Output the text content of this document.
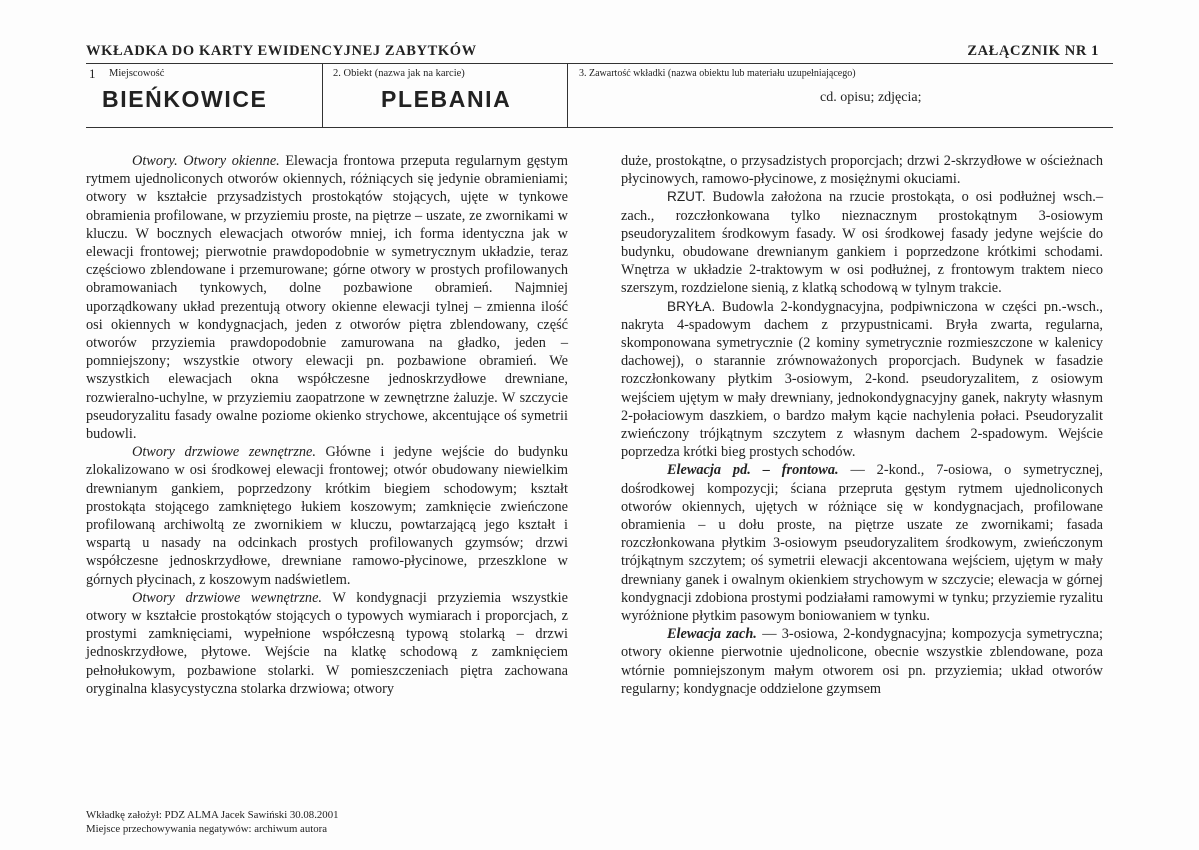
WKŁADKA DO KARTY EWIDENCYJNEJ ZABYTKÓW	ZAŁĄCZNIK NR 1
1 Miejscowość
BIEŃKOWICE
2. Obiekt (nazwa jak na karcie)
PLEBANIA
3. Zawartość wkładki (nazwa obiektu lub materiału uzupełniającego)
cd. opisu; zdjęcia;

Otwory. Otwory okienne. Elewacja frontowa przeputa regularnym gęstym rytmem ujednoliconych otworów okiennych, różniących się jedynie obramieniami; otwory w kształcie przysadzistych prostokątów stojących, ujęte w tynkowe obramienia profilowane, w przyziemiu proste, na piętrze – uszate, ze zwornikami w kluczu. W bocznych elewacjach otworów mniej, ich forma identyczna jak w elewacji frontowej; pierwotnie prawdopodobnie w symetrycznym układzie, teraz częściowo zblendowane i przemurowane; górne otwory w prostych profilowanych obramowaniach tynkowych, dolne pozbawione obramień. Najmniej uporządkowany układ prezentują otwory okienne elewacji tylnej – zmienna ilość osi okiennych w kondygnacjach, jeden z otworów piętra zblendowany, część otworów przyziemia prawdopodobnie zamurowana na gładko, jeden – pomniejszony; wszystkie otwory elewacji pn. pozbawione obramień. We wszystkich elewacjach okna współczesne jednoskrzydłowe drewniane, rozwieralno-uchylne, w przyziemiu zaopatrzone w zewnętrzne żaluzje. W szczycie pseudoryzalitu fasady owalne poziome okienko strychowe, akcentujące oś symetrii budowli.

Otwory drzwiowe zewnętrzne. Główne i jedyne wejście do budynku zlokalizowano w osi środkowej elewacji frontowej; otwór obudowany niewielkim drewnianym gankiem, poprzedzony krótkim biegiem schodowym; kształt prostokąta stojącego zamkniętego łukiem koszowym; zamknięcie zwieńczone profilowaną archiwoltą ze zwornikiem w kluczu, powtarzającą jego kształt i wspartą u nasady na odcinkach prostych profilowanych gzymsów; drzwi współczesne jednoskrzydłowe, drewniane ramowo-płycinowe, przeszklone w górnych płycinach, z koszowym nadświetlem.

Otwory drzwiowe wewnętrzne. W kondygnacji przyziemia wszystkie otwory w kształcie prostokątów stojących o typowych wymiarach i proporcjach, z prostymi zamknięciami, wypełnione współczesną typową stolarką – drzwi jednoskrzydłowe, płytowe. Wejście na klatkę schodową z zamknięciem pełnołukowym, pozbawione stolarki. W pomieszczeniach piętra zachowana oryginalna klasycystyczna stolarka drzwiowa; otwory

duże, prostokątne, o przysadzistych proporcjach; drzwi 2-skrzydłowe w ościeżnach płycinowych, ramowo-płycinowe, z mosiężnymi okuciami.

RZUT. Budowla założona na rzucie prostokąta, o osi podłużnej wsch.– zach., rozczłonkowana tylko nieznacznym prostokątnym 3-osiowym pseudoryzalitem środkowym fasady. W osi środkowej fasady jedyne wejście do budynku, obudowane drewnianym gankiem i poprzedzone krótkimi schodami. Wnętrza w układzie 2-traktowym w osi podłużnej, z frontowym traktem nieco szerszym, rozdzielone sienią, z klatką schodową w tylnym trakcie.

BRYŁA. Budowla 2-kondygnacyjna, podpiwniczona w części pn.-wsch., nakryta 4-spadowym dachem z przypustnicami. Bryła zwarta, regularna, skomponowana symetrycznie (2 kominy symetrycznie rozmieszczone w kalenicy dachowej), o starannie zrównoważonych proporcjach. Budynek w fasadzie rozczłonkowany płytkim 3-osiowym, 2-kond. pseudoryzalitem, z osiowym wejściem ujętym w mały drewniany, jednokondygnacyjny ganek, nakryty własnym 2-połaciowym daszkiem, o bardzo małym kącie nachylenia połaci. Pseudoryzalit zwieńczony trójkątnym szczytem z własnym dachem 2-spadowym. Wejście poprzedza krótki bieg prostych schodów.

Elewacja pd. – frontowa. — 2-kond., 7-osiowa, o symetrycznej, dośrodkowej kompozycji; ściana przepruta gęstym rytmem ujednoliconych otworów okiennych, ujętych w różniące się w kondygnacjach, profilowane obramienia – u dołu proste, na piętrze uszate ze zwornikami; fasada rozczłonkowana płytkim 3-osiowym pseudoryzalitem środkowym, zwieńczonym trójkątnym szczytem; oś symetrii elewacji akcentowana wejściem, ujętym w mały drewniany ganek i owalnym okienkiem strychowym w szczycie; elewacja w górnej kondygnacji zdobiona prostymi podziałami ramowymi w tynku; przyziemie ryzalitu wyróżnione płytkim pasowym boniowaniem w tynku.

Elewacja zach. — 3-osiowa, 2-kondygnacyjna; kompozycja symetryczna; otwory okienne pierwotnie ujednolicone, obecnie wszystkie zblendowane, poza wtórnie pomniejszonym małym otworem osi pn. przyziemia; układ otworów regularny; kondygnacje oddzielone gzymsem

Wkładkę założył: PDZ ALMA Jacek Sawiński 30.08.2001
Miejsce przechowywania negatywów: archiwum autora
